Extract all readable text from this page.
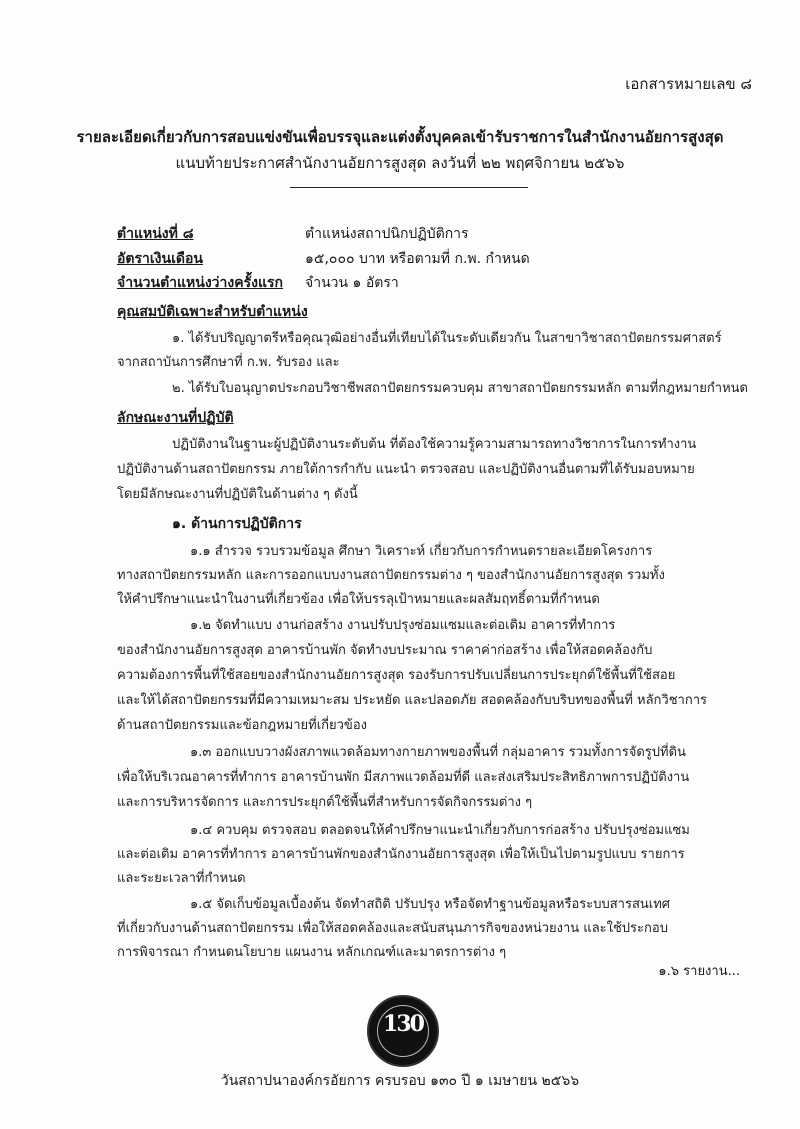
เอกสารหมายเลข ๘
รายละเอียดเกี่ยวกับการสอบแข่งขันเพื่อบรรจุและแต่งตั้งบุคคลเข้ารับราชการในสำนักงานอัยการสูงสุด
แนบท้ายประกาศสำนักงานอัยการสูงสุด ลงวันที่ ๒๒ พฤศจิกายน ๒๕๖๖
ตำแหน่งที่ ๘	ตำแหน่งสถาปนิกปฏิบัติการ
อัตราเงินเดือน	๑๕,๐๐๐ บาท หรือตามที่ ก.พ. กำหนด
จำนวนตำแหน่งว่างครั้งแรก จำนวน ๑ อัตรา
คุณสมบัติเฉพาะสำหรับตำแหน่ง
๑. ได้รับปริญญาตรีหรือคุณวุฒิอย่างอื่นที่เทียบได้ในระดับเดียวกัน ในสาขาวิชาสถาปัตยกรรมศาสตร์
จากสถาบันการศึกษาที่ ก.พ. รับรอง และ
๒. ได้รับใบอนุญาตประกอบวิชาชีพสถาปัตยกรรมควบคุม สาขาสถาปัตยกรรมหลัก ตามที่กฎหมายกำหนด
ลักษณะงานที่ปฏิบัติ
ปฏิบัติงานในฐานะผู้ปฏิบัติงานระดับต้น ที่ต้องใช้ความรู้ความสามารถทางวิชาการในการทำงาน
ปฏิบัติงานด้านสถาปัตยกรรม ภายใต้การกำกับ แนะนำ ตรวจสอบ และปฏิบัติงานอื่นตามที่ได้รับมอบหมาย
โดยมีลักษณะงานที่ปฏิบัติในด้านต่าง ๆ ดังนี้
๑. ด้านการปฏิบัติการ
๑.๑ สำรวจ รวบรวมข้อมูล ศึกษา วิเคราะห์ เกี่ยวกับการกำหนดรายละเอียดโครงการ
ทางสถาปัตยกรรมหลัก และการออกแบบงานสถาปัตยกรรมต่าง ๆ ของสำนักงานอัยการสูงสุด รวมทั้ง
ให้คำปรึกษาแนะนำในงานที่เกี่ยวข้อง เพื่อให้บรรลุเป้าหมายและผลสัมฤทธิ์ตามที่กำหนด
๑.๒ จัดทำแบบ งานก่อสร้าง งานปรับปรุงซ่อมแซมและต่อเติม อาคารที่ทำการ
ของสำนักงานอัยการสูงสุด อาคารบ้านพัก จัดทำงบประมาณ ราคาค่าก่อสร้าง เพื่อให้สอดคล้องกับ
ความต้องการพื้นที่ใช้สอยของสำนักงานอัยการสูงสุด รองรับการปรับเปลี่ยนการประยุกต์ใช้พื้นที่ใช้สอย
และให้ได้สถาปัตยกรรมที่มีความเหมาะสม ประหยัด และปลอดภัย สอดคล้องกับบริบทของพื้นที่ หลักวิชาการ
ด้านสถาปัตยกรรมและข้อกฎหมายที่เกี่ยวข้อง
๑.๓ ออกแบบวางผังสภาพแวดล้อมทางกายภาพของพื้นที่ กลุ่มอาคาร รวมทั้งการจัดรูปที่ดิน
เพื่อให้บริเวณอาคารที่ทำการ อาคารบ้านพัก มีสภาพแวดล้อมที่ดี และส่งเสริมประสิทธิภาพการปฏิบัติงาน
และการบริหารจัดการ และการประยุกต์ใช้พื้นที่สำหรับการจัดกิจกรรมต่าง ๆ
๑.๔ ควบคุม ตรวจสอบ ตลอดจนให้คำปรึกษาแนะนำเกี่ยวกับการก่อสร้าง ปรับปรุงซ่อมแซม
และต่อเติม อาคารที่ทำการ อาคารบ้านพักของสำนักงานอัยการสูงสุด เพื่อให้เป็นไปตามรูปแบบ รายการ
และระยะเวลาที่กำหนด
๑.๕ จัดเก็บข้อมูลเบื้องต้น จัดทำสถิติ ปรับปรุง หรือจัดทำฐานข้อมูลหรือระบบสารสนเทศ
ที่เกี่ยวกับงานด้านสถาปัตยกรรม เพื่อให้สอดคล้องและสนับสนุนภารกิจของหน่วยงาน และใช้ประกอบ
การพิจารณา กำหนดนโยบาย แผนงาน หลักเกณฑ์และมาตรการต่าง ๆ
๑.๖ รายงาน...
130
วันสถาปนาองค์กรอัยการ ครบรอบ ๑๓๐ ปี ๑ เมษายน ๒๕๖๖
